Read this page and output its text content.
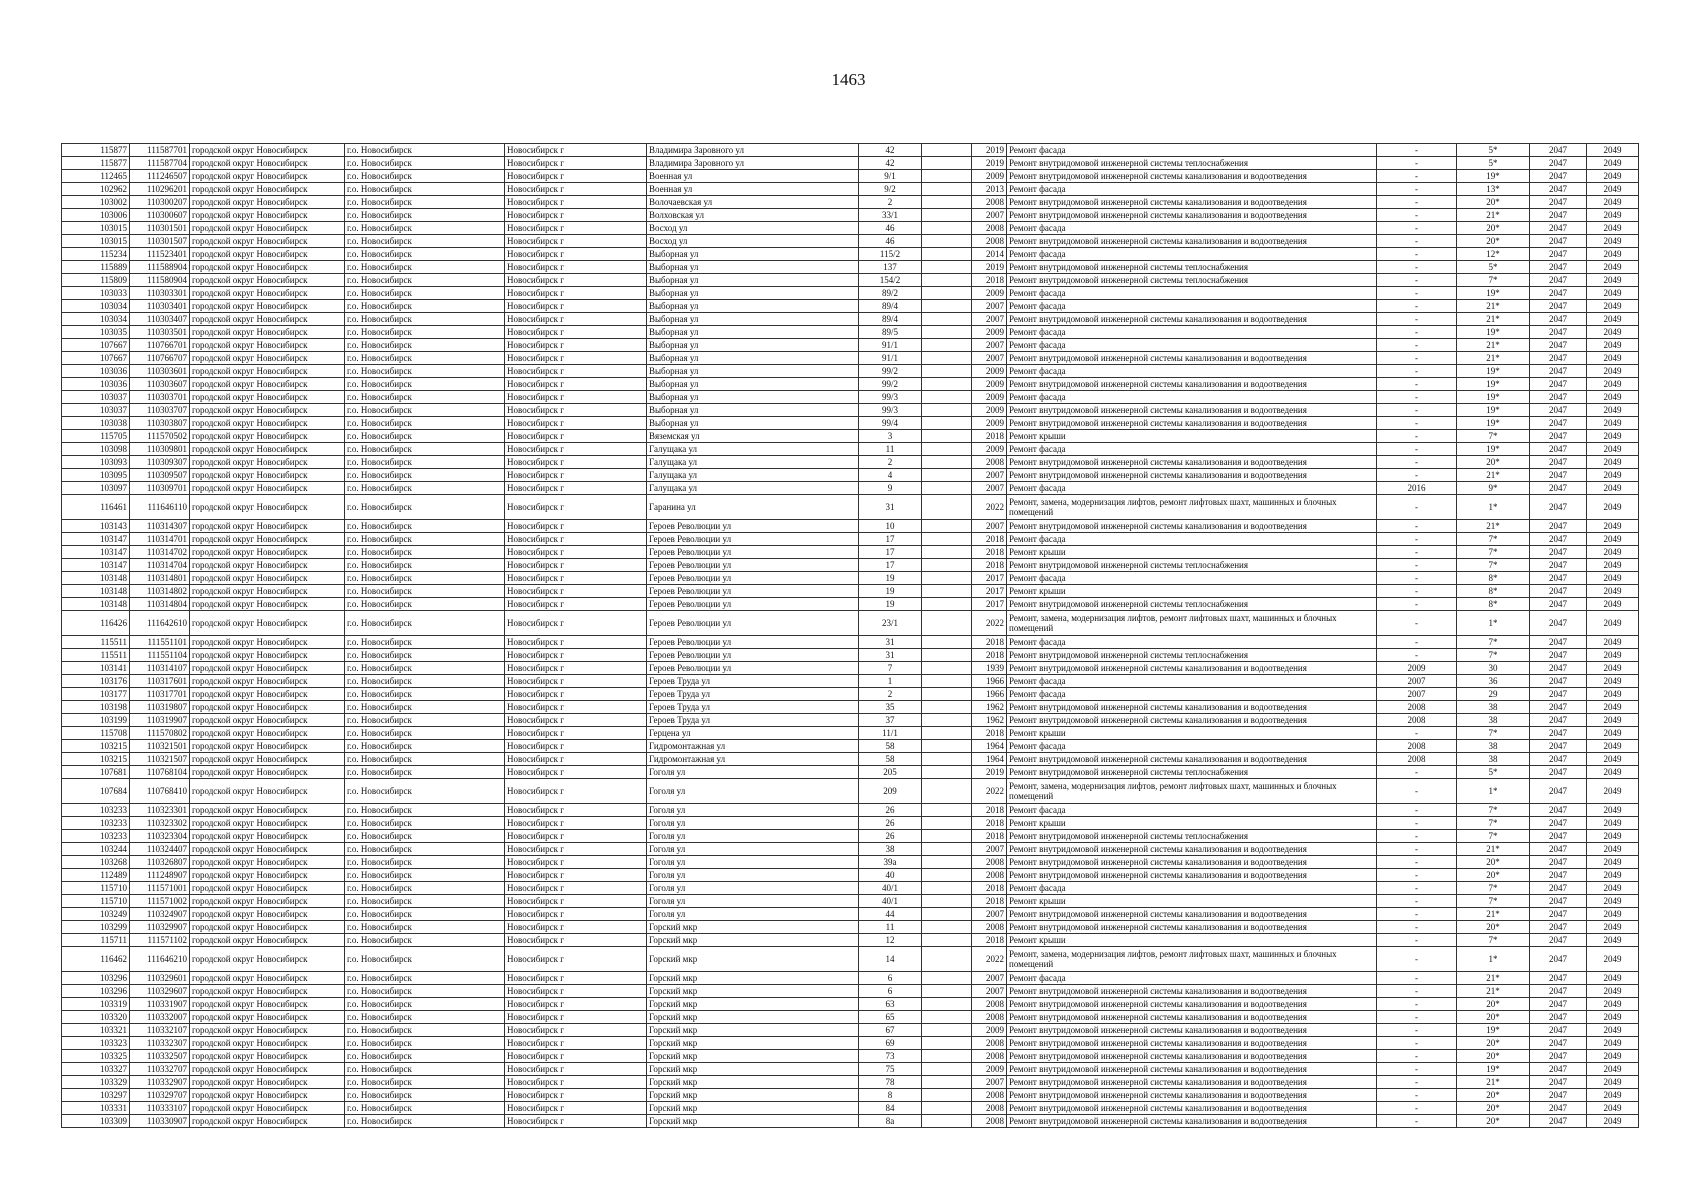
1463
115877	111587701	городской округ Новосибирск	г.о. Новосибирск	Новосибирск г	Владимира Заровного ул	42		2019	Ремонт фасада	-	5*	2047	2049
115877	111587704	городской округ Новосибирск	г.о. Новосибирск	Новосибирск г	Владимира Заровного ул	42		2019	Ремонт внутридомовой инженерной системы теплоснабжения	-	5*	2047	2049
112465	111246507	городской округ Новосибирск	г.о. Новосибирск	Новосибирск г	Военная ул	9/1		2009	Ремонт внутридомовой инженерной системы канализования и водоотведения	-	19*	2047	2049
102962	110296201	городской округ Новосибирск	г.о. Новосибирск	Новосибирск г	Военная ул	9/2		2013	Ремонт фасада	-	13*	2047	2049
103002	110300207	городской округ Новосибирск	г.о. Новосибирск	Новосибирск г	Волочаевская ул	2		2008	Ремонт внутридомовой инженерной системы канализования и водоотведения	-	20*	2047	2049
103006	110300607	городской округ Новосибирск	г.о. Новосибирск	Новосибирск г	Волховская ул	33/1		2007	Ремонт внутридомовой инженерной системы канализования и водоотведения	-	21*	2047	2049
103015	110301501	городской округ Новосибирск	г.о. Новосибирск	Новосибирск г	Восход ул	46		2008	Ремонт фасада	-	20*	2047	2049
103015	110301507	городской округ Новосибирск	г.о. Новосибирск	Новосибирск г	Восход ул	46		2008	Ремонт внутридомовой инженерной системы канализования и водоотведения	-	20*	2047	2049
115234	111523401	городской округ Новосибирск	г.о. Новосибирск	Новосибирск г	Выборная ул	115/2		2014	Ремонт фасада	-	12*	2047	2049
115889	111588904	городской округ Новосибирск	г.о. Новосибирск	Новосибирск г	Выборная ул	137		2019	Ремонт внутридомовой инженерной системы теплоснабжения	-	5*	2047	2049
115809	111580904	городской округ Новосибирск	г.о. Новосибирск	Новосибирск г	Выборная ул	154/2		2018	Ремонт внутридомовой инженерной системы теплоснабжения	-	7*	2047	2049
103033	110303301	городской округ Новосибирск	г.о. Новосибирск	Новосибирск г	Выборная ул	89/2		2009	Ремонт фасада	-	19*	2047	2049
103034	110303401	городской округ Новосибирск	г.о. Новосибирск	Новосибирск г	Выборная ул	89/4		2007	Ремонт фасада	-	21*	2047	2049
103034	110303407	городской округ Новосибирск	г.о. Новосибирск	Новосибирск г	Выборная ул	89/4		2007	Ремонт внутридомовой инженерной системы канализования и водоотведения	-	21*	2047	2049
103035	110303501	городской округ Новосибирск	г.о. Новосибирск	Новосибирск г	Выборная ул	89/5		2009	Ремонт фасада	-	19*	2047	2049
107667	110766701	городской округ Новосибирск	г.о. Новосибирск	Новосибирск г	Выборная ул	91/1		2007	Ремонт фасада	-	21*	2047	2049
107667	110766707	городской округ Новосибирск	г.о. Новосибирск	Новосибирск г	Выборная ул	91/1		2007	Ремонт внутридомовой инженерной системы канализования и водоотведения	-	21*	2047	2049
103036	110303601	городской округ Новосибирск	г.о. Новосибирск	Новосибирск г	Выборная ул	99/2		2009	Ремонт фасада	-	19*	2047	2049
103036	110303607	городской округ Новосибирск	г.о. Новосибирск	Новосибирск г	Выборная ул	99/2		2009	Ремонт внутридомовой инженерной системы канализования и водоотведения	-	19*	2047	2049
103037	110303701	городской округ Новосибирск	г.о. Новосибирск	Новосибирск г	Выборная ул	99/3		2009	Ремонт фасада	-	19*	2047	2049
103037	110303707	городской округ Новосибирск	г.о. Новосибирск	Новосибирск г	Выборная ул	99/3		2009	Ремонт внутридомовой инженерной системы канализования и водоотведения	-	19*	2047	2049
103038	110303807	городской округ Новосибирск	г.о. Новосибирск	Новосибирск г	Выборная ул	99/4		2009	Ремонт внутридомовой инженерной системы канализования и водоотведения	-	19*	2047	2049
115705	111570502	городской округ Новосибирск	г.о. Новосибирск	Новосибирск г	Вяземская ул	3		2018	Ремонт крыши	-	7*	2047	2049
103098	110309801	городской округ Новосибирск	г.о. Новосибирск	Новосибирск г	Галущака ул	11		2009	Ремонт фасада	-	19*	2047	2049
103093	110309307	городской округ Новосибирск	г.о. Новосибирск	Новосибирск г	Галущака ул	2		2008	Ремонт внутридомовой инженерной системы канализования и водоотведения	-	20*	2047	2049
103095	110309507	городской округ Новосибирск	г.о. Новосибирск	Новосибирск г	Галущака ул	4		2007	Ремонт внутридомовой инженерной системы канализования и водоотведения	-	21*	2047	2049
103097	110309701	городской округ Новосибирск	г.о. Новосибирск	Новосибирск г	Галущака ул	9		2007	Ремонт фасада	2016	9*	2047	2049
116461	111646110	городской округ Новосибирск	г.о. Новосибирск	Новосибирск г	Гаранина ул	31		2022	Ремонт, замена, модернизация лифтов, ремонт лифтовых шахт, машинных и блочных помещений	-	1*	2047	2049
103143	110314307	городской округ Новосибирск	г.о. Новосибирск	Новосибирск г	Героев Революции ул	10		2007	Ремонт внутридомовой инженерной системы канализования и водоотведения	-	21*	2047	2049
103147	110314701	городской округ Новосибирск	г.о. Новосибирск	Новосибирск г	Героев Революции ул	17		2018	Ремонт фасада	-	7*	2047	2049
103147	110314702	городской округ Новосибирск	г.о. Новосибирск	Новосибирск г	Героев Революции ул	17		2018	Ремонт крыши	-	7*	2047	2049
103147	110314704	городской округ Новосибирск	г.о. Новосибирск	Новосибирск г	Героев Революции ул	17		2018	Ремонт внутридомовой инженерной системы теплоснабжения	-	7*	2047	2049
103148	110314801	городской округ Новосибирск	г.о. Новосибирск	Новосибирск г	Героев Революции ул	19		2017	Ремонт фасада	-	8*	2047	2049
103148	110314802	городской округ Новосибирск	г.о. Новосибирск	Новосибирск г	Героев Революции ул	19		2017	Ремонт крыши	-	8*	2047	2049
103148	110314804	городской округ Новосибирск	г.о. Новосибирск	Новосибирск г	Героев Революции ул	19		2017	Ремонт внутридомовой инженерной системы теплоснабжения	-	8*	2047	2049
116426	111642610	городской округ Новосибирск	г.о. Новосибирск	Новосибирск г	Героев Революции ул	23/1		2022	Ремонт, замена, модернизация лифтов, ремонт лифтовых шахт, машинных и блочных помещений	-	1*	2047	2049
115511	111551101	городской округ Новосибирск	г.о. Новосибирск	Новосибирск г	Героев Революции ул	31		2018	Ремонт фасада	-	7*	2047	2049
115511	111551104	городской округ Новосибирск	г.о. Новосибирск	Новосибирск г	Героев Революции ул	31		2018	Ремонт внутридомовой инженерной системы теплоснабжения	-	7*	2047	2049
103141	110314107	городской округ Новосибирск	г.о. Новосибирск	Новосибирск г	Героев Революции ул	7		1939	Ремонт внутридомовой инженерной системы канализования и водоотведения	2009	30	2047	2049
103176	110317601	городской округ Новосибирск	г.о. Новосибирск	Новосибирск г	Героев Труда ул	1		1966	Ремонт фасада	2007	36	2047	2049
103177	110317701	городской округ Новосибирск	г.о. Новосибирск	Новосибирск г	Героев Труда ул	2		1966	Ремонт фасада	2007	29	2047	2049
103198	110319807	городской округ Новосибирск	г.о. Новосибирск	Новосибирск г	Героев Труда ул	35		1962	Ремонт внутридомовой инженерной системы канализования и водоотведения	2008	38	2047	2049
103199	110319907	городской округ Новосибирск	г.о. Новосибирск	Новосибирск г	Героев Труда ул	37		1962	Ремонт внутридомовой инженерной системы канализования и водоотведения	2008	38	2047	2049
115708	111570802	городской округ Новосибирск	г.о. Новосибирск	Новосибирск г	Герцена ул	11/1		2018	Ремонт крыши	-	7*	2047	2049
103215	110321501	городской округ Новосибирск	г.о. Новосибирск	Новосибирск г	Гидромонтажная ул	58		1964	Ремонт фасада	2008	38	2047	2049
103215	110321507	городской округ Новосибирск	г.о. Новосибирск	Новосибирск г	Гидромонтажная ул	58		1964	Ремонт внутридомовой инженерной системы канализования и водоотведения	2008	38	2047	2049
107681	110768104	городской округ Новосибирск	г.о. Новосибирск	Новосибирск г	Гоголя ул	205		2019	Ремонт внутридомовой инженерной системы теплоснабжения	-	5*	2047	2049
107684	110768410	городской округ Новосибирск	г.о. Новосибирск	Новосибирск г	Гоголя ул	209		2022	Ремонт, замена, модернизация лифтов, ремонт лифтовых шахт, машинных и блочных помещений	-	1*	2047	2049
103233	110323301	городской округ Новосибирск	г.о. Новосибирск	Новосибирск г	Гоголя ул	26		2018	Ремонт фасада	-	7*	2047	2049
103233	110323302	городской округ Новосибирск	г.о. Новосибирск	Новосибирск г	Гоголя ул	26		2018	Ремонт крыши	-	7*	2047	2049
103233	110323304	городской округ Новосибирск	г.о. Новосибирск	Новосибирск г	Гоголя ул	26		2018	Ремонт внутридомовой инженерной системы теплоснабжения	-	7*	2047	2049
103244	110324407	городской округ Новосибирск	г.о. Новосибирск	Новосибирск г	Гоголя ул	38		2007	Ремонт внутридомовой инженерной системы канализования и водоотведения	-	21*	2047	2049
103268	110326807	городской округ Новосибирск	г.о. Новосибирск	Новосибирск г	Гоголя ул	39а		2008	Ремонт внутридомовой инженерной системы канализования и водоотведения	-	20*	2047	2049
112489	111248907	городской округ Новосибирск	г.о. Новосибирск	Новосибирск г	Гоголя ул	40		2008	Ремонт внутридомовой инженерной системы канализования и водоотведения	-	20*	2047	2049
115710	111571001	городской округ Новосибирск	г.о. Новосибирск	Новосибирск г	Гоголя ул	40/1		2018	Ремонт фасада	-	7*	2047	2049
115710	111571002	городской округ Новосибирск	г.о. Новосибирск	Новосибирск г	Гоголя ул	40/1		2018	Ремонт крыши	-	7*	2047	2049
103249	110324907	городской округ Новосибирск	г.о. Новосибирск	Новосибирск г	Гоголя ул	44		2007	Ремонт внутридомовой инженерной системы канализования и водоотведения	-	21*	2047	2049
103299	110329907	городской округ Новосибирск	г.о. Новосибирск	Новосибирск г	Горский мкр	11		2008	Ремонт внутридомовой инженерной системы канализования и водоотведения	-	20*	2047	2049
115711	111571102	городской округ Новосибирск	г.о. Новосибирск	Новосибирск г	Горский мкр	12		2018	Ремонт крыши	-	7*	2047	2049
116462	111646210	городской округ Новосибирск	г.о. Новосибирск	Новосибирск г	Горский мкр	14		2022	Ремонт, замена, модернизация лифтов, ремонт лифтовых шахт, машинных и блочных помещений	-	1*	2047	2049
103296	110329601	городской округ Новосибирск	г.о. Новосибирск	Новосибирск г	Горский мкр	6		2007	Ремонт фасада	-	21*	2047	2049
103296	110329607	городской округ Новосибирск	г.о. Новосибирск	Новосибирск г	Горский мкр	6		2007	Ремонт внутридомовой инженерной системы канализования и водоотведения	-	21*	2047	2049
103319	110331907	городской округ Новосибирск	г.о. Новосибирск	Новосибирск г	Горский мкр	63		2008	Ремонт внутридомовой инженерной системы канализования и водоотведения	-	20*	2047	2049
103320	110332007	городской округ Новосибирск	г.о. Новосибирск	Новосибирск г	Горский мкр	65		2008	Ремонт внутридомовой инженерной системы канализования и водоотведения	-	20*	2047	2049
103321	110332107	городской округ Новосибирск	г.о. Новосибирск	Новосибирск г	Горский мкр	67		2009	Ремонт внутридомовой инженерной системы канализования и водоотведения	-	19*	2047	2049
103323	110332307	городской округ Новосибирск	г.о. Новосибирск	Новосибирск г	Горский мкр	69		2008	Ремонт внутридомовой инженерной системы канализования и водоотведения	-	20*	2047	2049
103325	110332507	городской округ Новосибирск	г.о. Новосибирск	Новосибирск г	Горский мкр	73		2008	Ремонт внутридомовой инженерной системы канализования и водоотведения	-	20*	2047	2049
103327	110332707	городской округ Новосибирск	г.о. Новосибирск	Новосибирск г	Горский мкр	75		2009	Ремонт внутридомовой инженерной системы канализования и водоотведения	-	19*	2047	2049
103329	110332907	городской округ Новосибирск	г.о. Новосибирск	Новосибирск г	Горский мкр	78		2007	Ремонт внутридомовой инженерной системы канализования и водоотведения	-	21*	2047	2049
103297	110329707	городской округ Новосибирск	г.о. Новосибирск	Новосибирск г	Горский мкр	8		2008	Ремонт внутридомовой инженерной системы канализования и водоотведения	-	20*	2047	2049
103331	110333107	городской округ Новосибирск	г.о. Новосибирск	Новосибирск г	Горский мкр	84		2008	Ремонт внутридомовой инженерной системы канализования и водоотведения	-	20*	2047	2049
103309	110330907	городской округ Новосибирск	г.о. Новосибирск	Новосибирск г	Горский мкр	8а		2008	Ремонт внутридомовой инженерной системы канализования и водоотведения	-	20*	2047	2049
